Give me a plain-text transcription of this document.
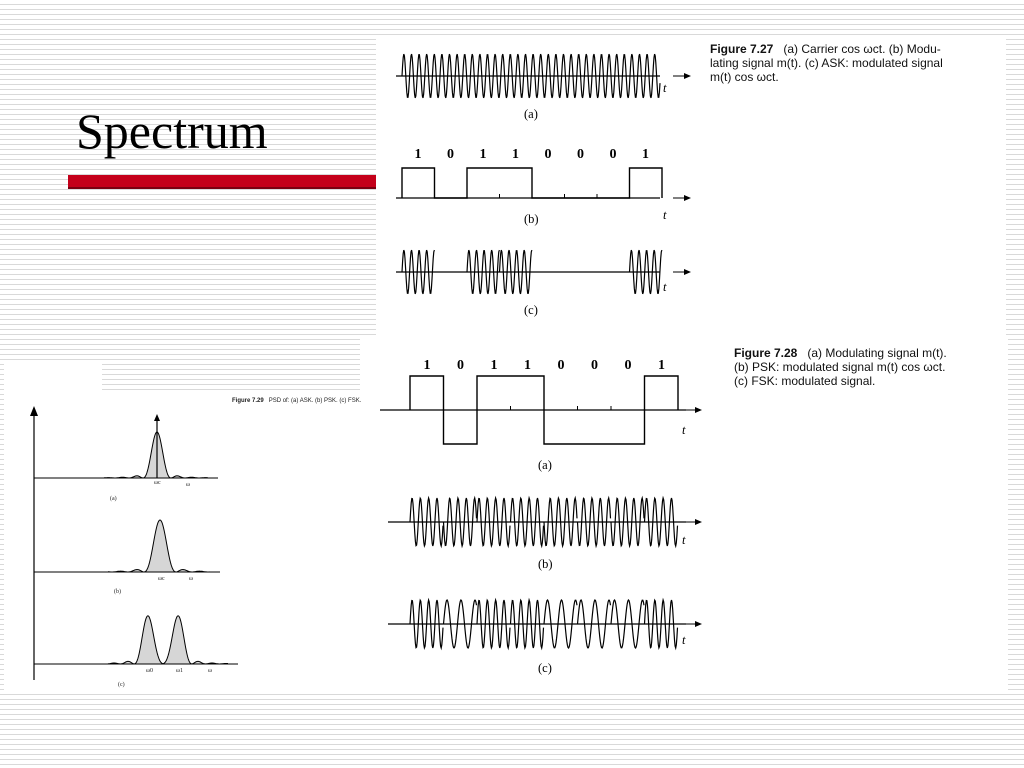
Spectrum	1 0 1 1 0 0 0 1
(a)
(b)
(c)
t
t
t
Figure 7.27 (a) Carrier cos ωct. (b) Modu-
lating signal m(t). (c) ASK: modulated signal
m(t) cos ωct.
1 0 1 1 0 0 0 1
(a)
(b)
(c)
t
t
t
Figure 7.28 (a) Modulating signal m(t).
(b) PSK: modulated signal m(t) cos ωct.
(c) FSK: modulated signal.
Figure 7.29 PSD of: (a) ASK. (b) PSK. (c) FSK.
(a)
(b)
(c)
ωc
ωc
ω0	ω1
ω
ω
ω
